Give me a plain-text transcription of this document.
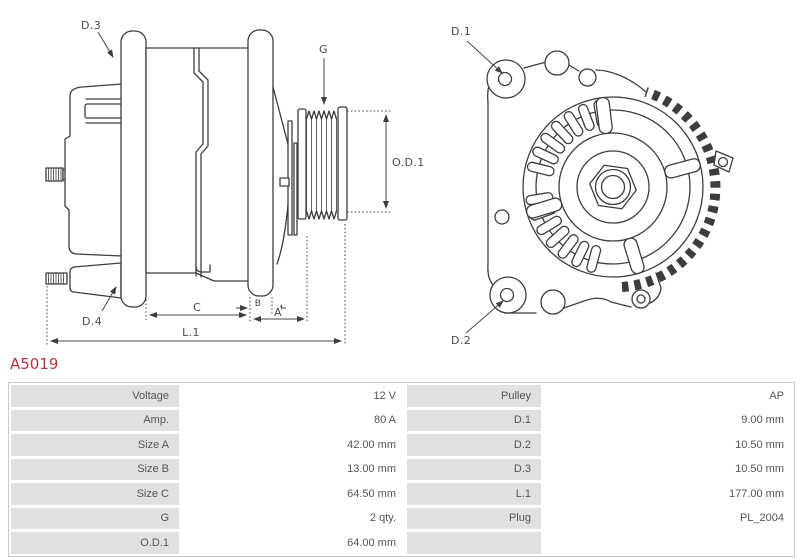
D.3
G
O.D.1
D.4
C	B
A
L.1
D.1
D.2
A5019
Voltage	12 V	Pulley	AP
Amp.	80 A	D.1	9.00 mm
Size A	42.00 mm	D.2	10.50 mm
Size B	13.00 mm	D.3	10.50 mm
Size C	64.50 mm	L.1	177.00 mm
G	2 qty.	Plug	PL_2004
O.D.1	64.00 mm
